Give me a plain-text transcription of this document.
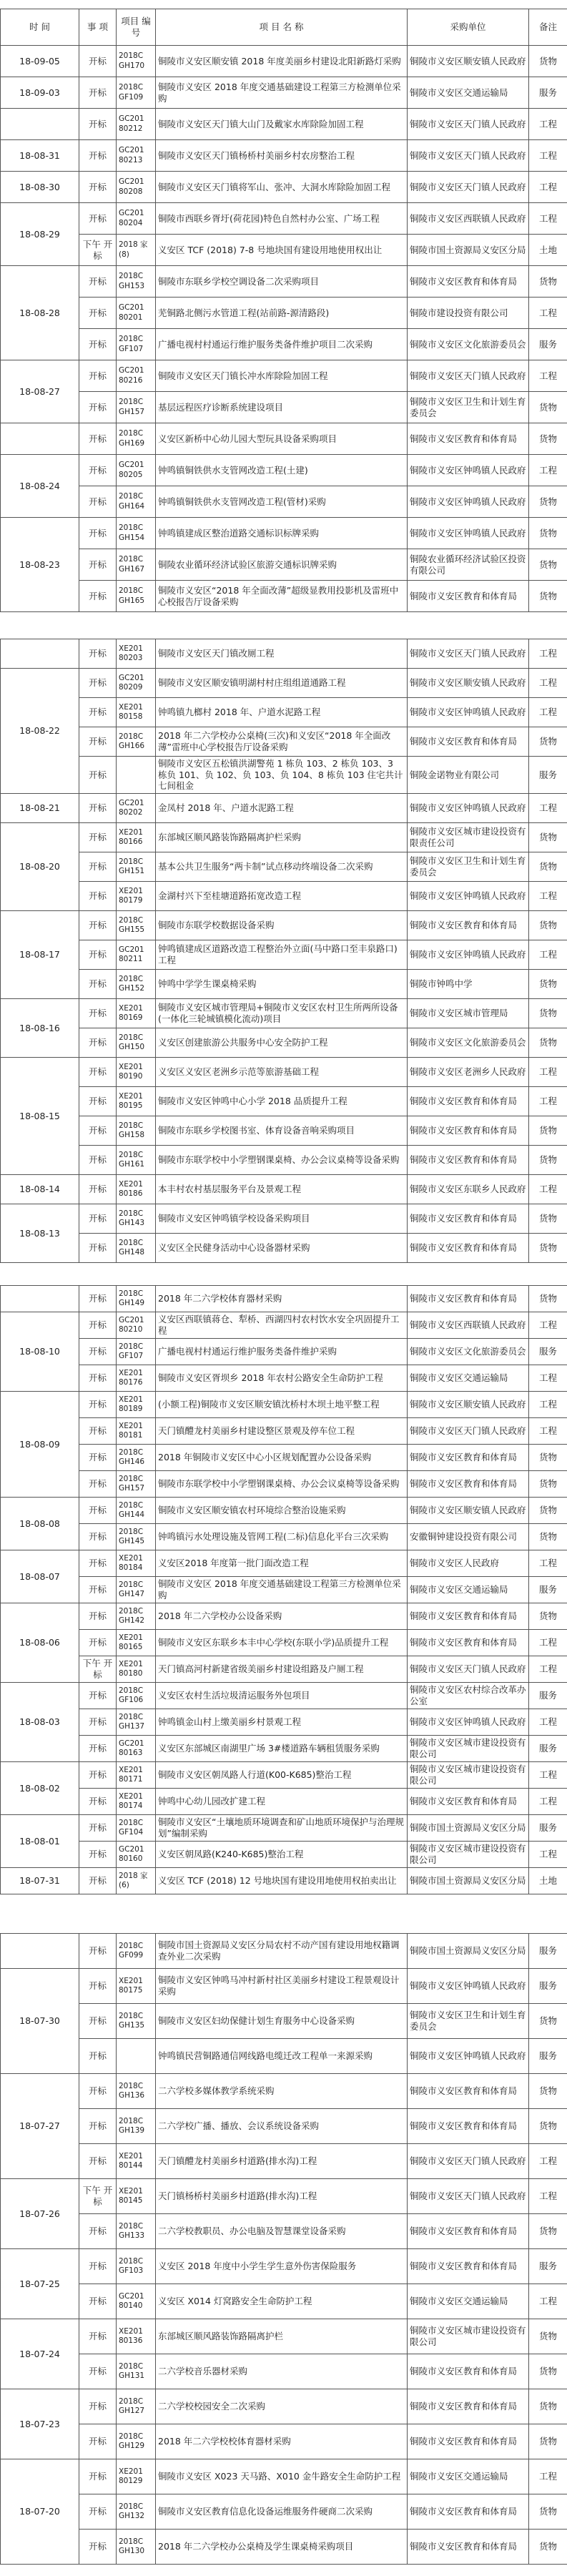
时 间	事 项	项目 编号	项 目 名 称	采购单位	备注
18-09-05	开标	2018C GH170	铜陵市义安区顺安镇 2018 年度美丽乡村建设北阳新路灯采购	铜陵市义安区顺安镇人民政府	货物
18-09-03	开标	2018C GF109	铜陵市义安区 2018 年度交通基础建设工程第三方检测单位采购	铜陵市义安区交通运输局	服务
	开标	GC201 80212	铜陵市义安区天门镇大山门及戴家水库除险加固工程	铜陵市义安区天门镇人民政府	工程
18-08-31	开标	GC201 80213	铜陵市义安区天门镇杨桥村美丽乡村农房整治工程	铜陵市义安区天门镇人民政府	工程
18-08-30	开标	GC201 80208	铜陵市义安区天门镇将军山、张冲、大洞水库除险加固工程	铜陵市义安区天门镇人民政府	工程
18-08-29	开标	GC201 80204	铜陵市西联乡胥圩(荷花园)特色自然村办公室、广场工程	铜陵市义安区西联镇人民政府	工程
	下午 开标	2018 家(8)	义安区 TCF (2018) 7-8 号地块国有建设用地使用权出让	铜陵市国土资源局义安区分局	土地
18-08-28	开标	2018C GH153	铜陵市东联乡学校空调设备二次采购项目	铜陵市义安区教育和体育局	货物
	开标	GC201 80201	芜铜路北侧污水管道工程(站前路-源清路段)	铜陵市建设投资有限公司	工程
	开标	2018C GF107	广播电视村村通运行维护服务类备件维护项目二次采购	铜陵市义安区文化旅游委员会	服务
18-08-27	开标	GC201 80216	铜陵市义安区天门镇长冲水库除险加固工程	铜陵市义安区天门镇人民政府	工程
	开标	2018C GH157	基层远程医疗诊断系统建设项目	铜陵市义安区卫生和计划生育委员会	货物
	开标	2018C GH169	义安区新桥中心幼儿园大型玩具设备采购项目	铜陵市义安区教育和体育局	货物
18-08-24	开标	GC201 80205	钟鸣镇铜铁供水支管网改造工程(土建)	铜陵市义安区钟鸣镇人民政府	工程
	开标	2018C GH164	钟鸣镇铜铁供水支管网改造工程(管材)采购	铜陵市义安区钟鸣镇人民政府	货物
18-08-23	开标	2018C GH154	钟鸣镇建成区整治道路交通标识标牌采购	铜陵市义安区钟鸣镇人民政府	货物
	开标	2018C GH167	铜陵农业循环经济试验区旅游交通标识牌采购	铜陵农业循环经济试验区投资有限公司	货物
	开标	2018C GH165	铜陵市义安区“2018 年全面改薄”超级显教用投影机及雷班中心校报告厅设备采购	铜陵市义安区教育和体育局	货物
	开标	XE201 80203	铜陵市义安区天门镇改厕工程	铜陵市义安区天门镇人民政府	工程
18-08-22	开标	GC201 80209	铜陵市义安区顺安镇明湖村村庄组组道通路工程	铜陵市义安区顺安镇人民政府	工程
	开标	XE201 80158	钟鸣镇九榔村 2018 年、户道水泥路工程	铜陵市义安区钟鸣镇人民政府	工程
	开标	2018C GH166	2018 年二六学校办公桌椅(三次)和义安区“2018 年全面改薄”雷班中心学校报告厅设备采购	铜陵市义安区教育和体育局	货物
	开标		铜陵市义安区五松镇洪湖警苑 1 栋负 103、2 栋负 103、3 栋负 101、负 102、负 103、负 104、8 栋负 103 住宅共计七间租金	铜陵金诺物业有限公司	服务
18-08-21	开标	GC201 80202	金凤村 2018 年、户道水泥路工程	铜陵市义安区钟鸣镇人民政府	工程
18-08-20	开标	XE201 80166	东部城区顺风路装饰路隔离护栏采购	铜陵市义安区城市建设投资有限责任公司	货物
	开标	2018C GH151	基本公共卫生服务“两卡制”试点移动终端设备二次采购	铜陵市义安区卫生和计划生育委员会	货物
	开标	XE201 80179	金湖村兴下至桂塘道路拓宽改造工程	铜陵市义安区钟鸣镇人民政府	工程
18-08-17	开标	2018C GH155	铜陵市东联学校数据设备采购	铜陵市义安区教育和体育局	货物
	开标	GC201 80211	钟鸣镇建成区道路改造工程整治外立面(马中路口至丰泉路口)工程	铜陵市义安区钟鸣镇人民政府	工程
	开标	2018C GH152	钟鸣中学学生课桌椅采购	铜陵市钟鸣中学	货物
18-08-16	开标	XE201 80169	铜陵市义安区城市管理局+铜陵市义安区农村卫生所两所设备(一体化三轮城镇模化流动)项目	铜陵市义安区城市管理局	货物
	开标	2018C GH150	义安区创建旅游公共服务中心安全防护工程	铜陵市义安区文化旅游委员会	货物
18-08-15	开标	XE201 80190	义安区义安区老洲乡示范等旅游基础工程	铜陵市义安区老洲乡人民政府	工程
	开标	XE201 80195	铜陵市义安区钟鸣中心小学 2018 品质提升工程	铜陵市义安区教育和体育局	工程
	开标	2018C GH158	铜陵市东联乡学校图书室、体育设备音响采购项目	铜陵市义安区教育和体育局	货物
	开标	2018C GH161	铜陵市东联学校中小学塑钢课桌椅、办公会议桌椅等设备采购	铜陵市义安区教育和体育局	货物
18-08-14	开标	XE201 80186	本丰村农村基层服务平台及景观工程	铜陵市义安区东联乡人民政府	工程
18-08-13	开标	2018C GH143	铜陵市义安区钟鸣镇学校设备采购项目	铜陵市义安区教育和体育局	货物
	开标	2018C GH148	义安区全民健身活动中心设备器材采购	铜陵市义安区教育和体育局	货物
	开标	2018C GH149	2018 年二六学校体育器材采购	铜陵市义安区教育和体育局	货物
18-08-10	开标	GC201 80210	义安区西联镇蒋仓、犁桥、西湖四村农村饮水安全巩固提升工程	铜陵市义安区西联镇人民政府	工程
	开标	2018C GF107	广播电视村村通运行维护服务类备件维护采购	铜陵市义安区文化旅游委员会	服务
	开标	XE201 80176	铜陵市义安区胥坝乡 2018 年农村公路安全生命防护工程	铜陵市义安区交通运输局	工程
18-08-09	开标	XE201 80189	(小额工程)铜陵市义安区顺安镇沈桥村木坝土地平整工程	铜陵市义安区顺安镇人民政府	工程
	开标	XE201 80181	天门镇醴龙村美丽乡村建设整区景观及停车位工程	铜陵市义安区天门镇人民政府	工程
	开标	2018C GH146	2018 年铜陵市义安区中心小区规划配置办公设备采购	铜陵市义安区教育和体育局	货物
	开标	2018C GH157	铜陵市东联学校中小学塑钢课桌椅、办公会议桌椅等设备采购	铜陵市义安区教育和体育局	货物
18-08-08	开标	2018C GH144	铜陵市义安区顺安镇农村环境综合整治设施采购	铜陵市义安区顺安镇人民政府	货物
	开标	2018C GH145	钟鸣镇污水处理设施及管网工程(二标)信息化平台三次采购	安徽铜钟建设投资有限公司	货物
18-08-07	开标	XE201 80184	义安区2018 年度第一批门面改造工程	铜陵市义安区人民政府	工程
	开标	2018C GH147	铜陵市义安区 2018 年度交通基础建设工程第三方检测单位采购	铜陵市义安区交通运输局	服务
18-08-06	开标	2018C GH142	2018 年二六学校办公设备采购	铜陵市义安区教育和体育局	货物
	开标	XE201 80165	铜陵市义安区东联乡本丰中心学校(东联小学)品质提升工程	铜陵市义安区教育和体育局	工程
	下午 开标	XE201 80180	天门镇高河村新建省级美丽乡村建设组路及户厕工程	铜陵市义安区天门镇人民政府	工程
18-08-03	开标	2018C GF106	义安区农村生活垃圾清运服务外包项目	铜陵市义安区农村综合改革办公室	服务
	开标	2018C GH137	钟鸣镇金山村上缴美丽乡村景观工程	铜陵市义安区钟鸣镇人民政府	工程
	开标	GC201 80163	义安区东部城区南湖里广场 3#楼道路车辆租赁服务采购	铜陵市义安区城市建设投资有限公司	服务
18-08-02	开标	XE201 80171	铜陵市义安区朝凤路人行道(K00-K685)整治工程	铜陵市义安区城市建设投资有限公司	工程
	开标	XE201 80174	钟鸣中心幼儿园改扩建工程	铜陵市义安区教育和体育局	工程
18-08-01	开标	2018C GF104	铜陵市义安区“土壤地质环境调查和矿山地质环境保护与治理规划”编制采购	铜陵市国土资源局义安区分局	服务
	开标	GC201 80160	义安区朝凤路(K240-K685)整治工程	铜陵市义安区城市建设投资有限公司	工程
18-07-31	开标	2018 家(6)	义安区 TCF (2018) 12 号地块国有建设用地使用权拍卖出让	铜陵市国土资源局义安区分局	土地
	开标	2018C GF099	铜陵市国土资源局义安区分局农村不动产国有建设用地权籍调查外业二次采购	铜陵市国土资源局义安区分局	服务
18-07-30	开标	XE201 80175	铜陵市义安区钟鸣马冲村新村社区美丽乡村建设工程景观设计采购	铜陵市义安区钟鸣镇人民政府	服务
	开标	2018C GH135	铜陵市义安区妇幼保健计划生育服务中心设备采购	铜陵市义安区卫生和计划生育委员会	货物
	开标		钟鸣镇民营铜路通信网线路电缆迁改工程单一来源采购	铜陵市义安区钟鸣镇人民政府	服务
18-07-27	开标	2018C GH136	二六学校多媒体教学系统采购	铜陵市义安区教育和体育局	货物
	开标	2018C GH139	二六学校广播、播放、会议系统设备采购	铜陵市义安区教育和体育局	货物
	开标	XE201 80144	天门镇醴龙村美丽乡村道路(排水沟)工程	铜陵市义安区天门镇人民政府	工程
18-07-26	下午 开标	XE201 80145	天门镇杨桥村美丽乡村道路(排水沟)工程	铜陵市义安区天门镇人民政府	工程
	开标	2018C GH133	二六学校教职员、办公电脑及智慧课堂设备采购	铜陵市义安区教育和体育局	货物
18-07-25	开标	2018C GF103	义安区 2018 年度中小学生学生意外伤害保险服务	铜陵市义安区教育和体育局	服务
	开标	GC201 80140	义安区 X014 灯窝路安全生命防护工程	铜陵市义安区交通运输局	工程
18-07-24	开标	XE201 80136	东部城区顺风路装饰路隔离护栏	铜陵市义安区城市建设投资有限公司	货物
	开标	2018C GH131	二六学校音乐器材采购	铜陵市义安区教育和体育局	货物
18-07-23	开标	2018C GH127	二六学校校园安全二次采购	铜陵市义安区教育和体育局	货物
	开标	2018C GH129	2018 年二六学校校体育器材采购	铜陵市义安区教育和体育局	货物
18-07-20	开标	XE201 80129	铜陵市义安区 X023 天马路、X010 金牛路安全生命防护工程	铜陵市义安区交通运输局	工程
	开标	2018C GH132	铜陵市义安区教育信息化设备运维服务件硬商二次采购	铜陵市义安区教育和体育局	货物
	开标	2018C GH130	2018 年二六学校办公桌椅及学生课桌椅采购项目	铜陵市义安区教育和体育局	货物
